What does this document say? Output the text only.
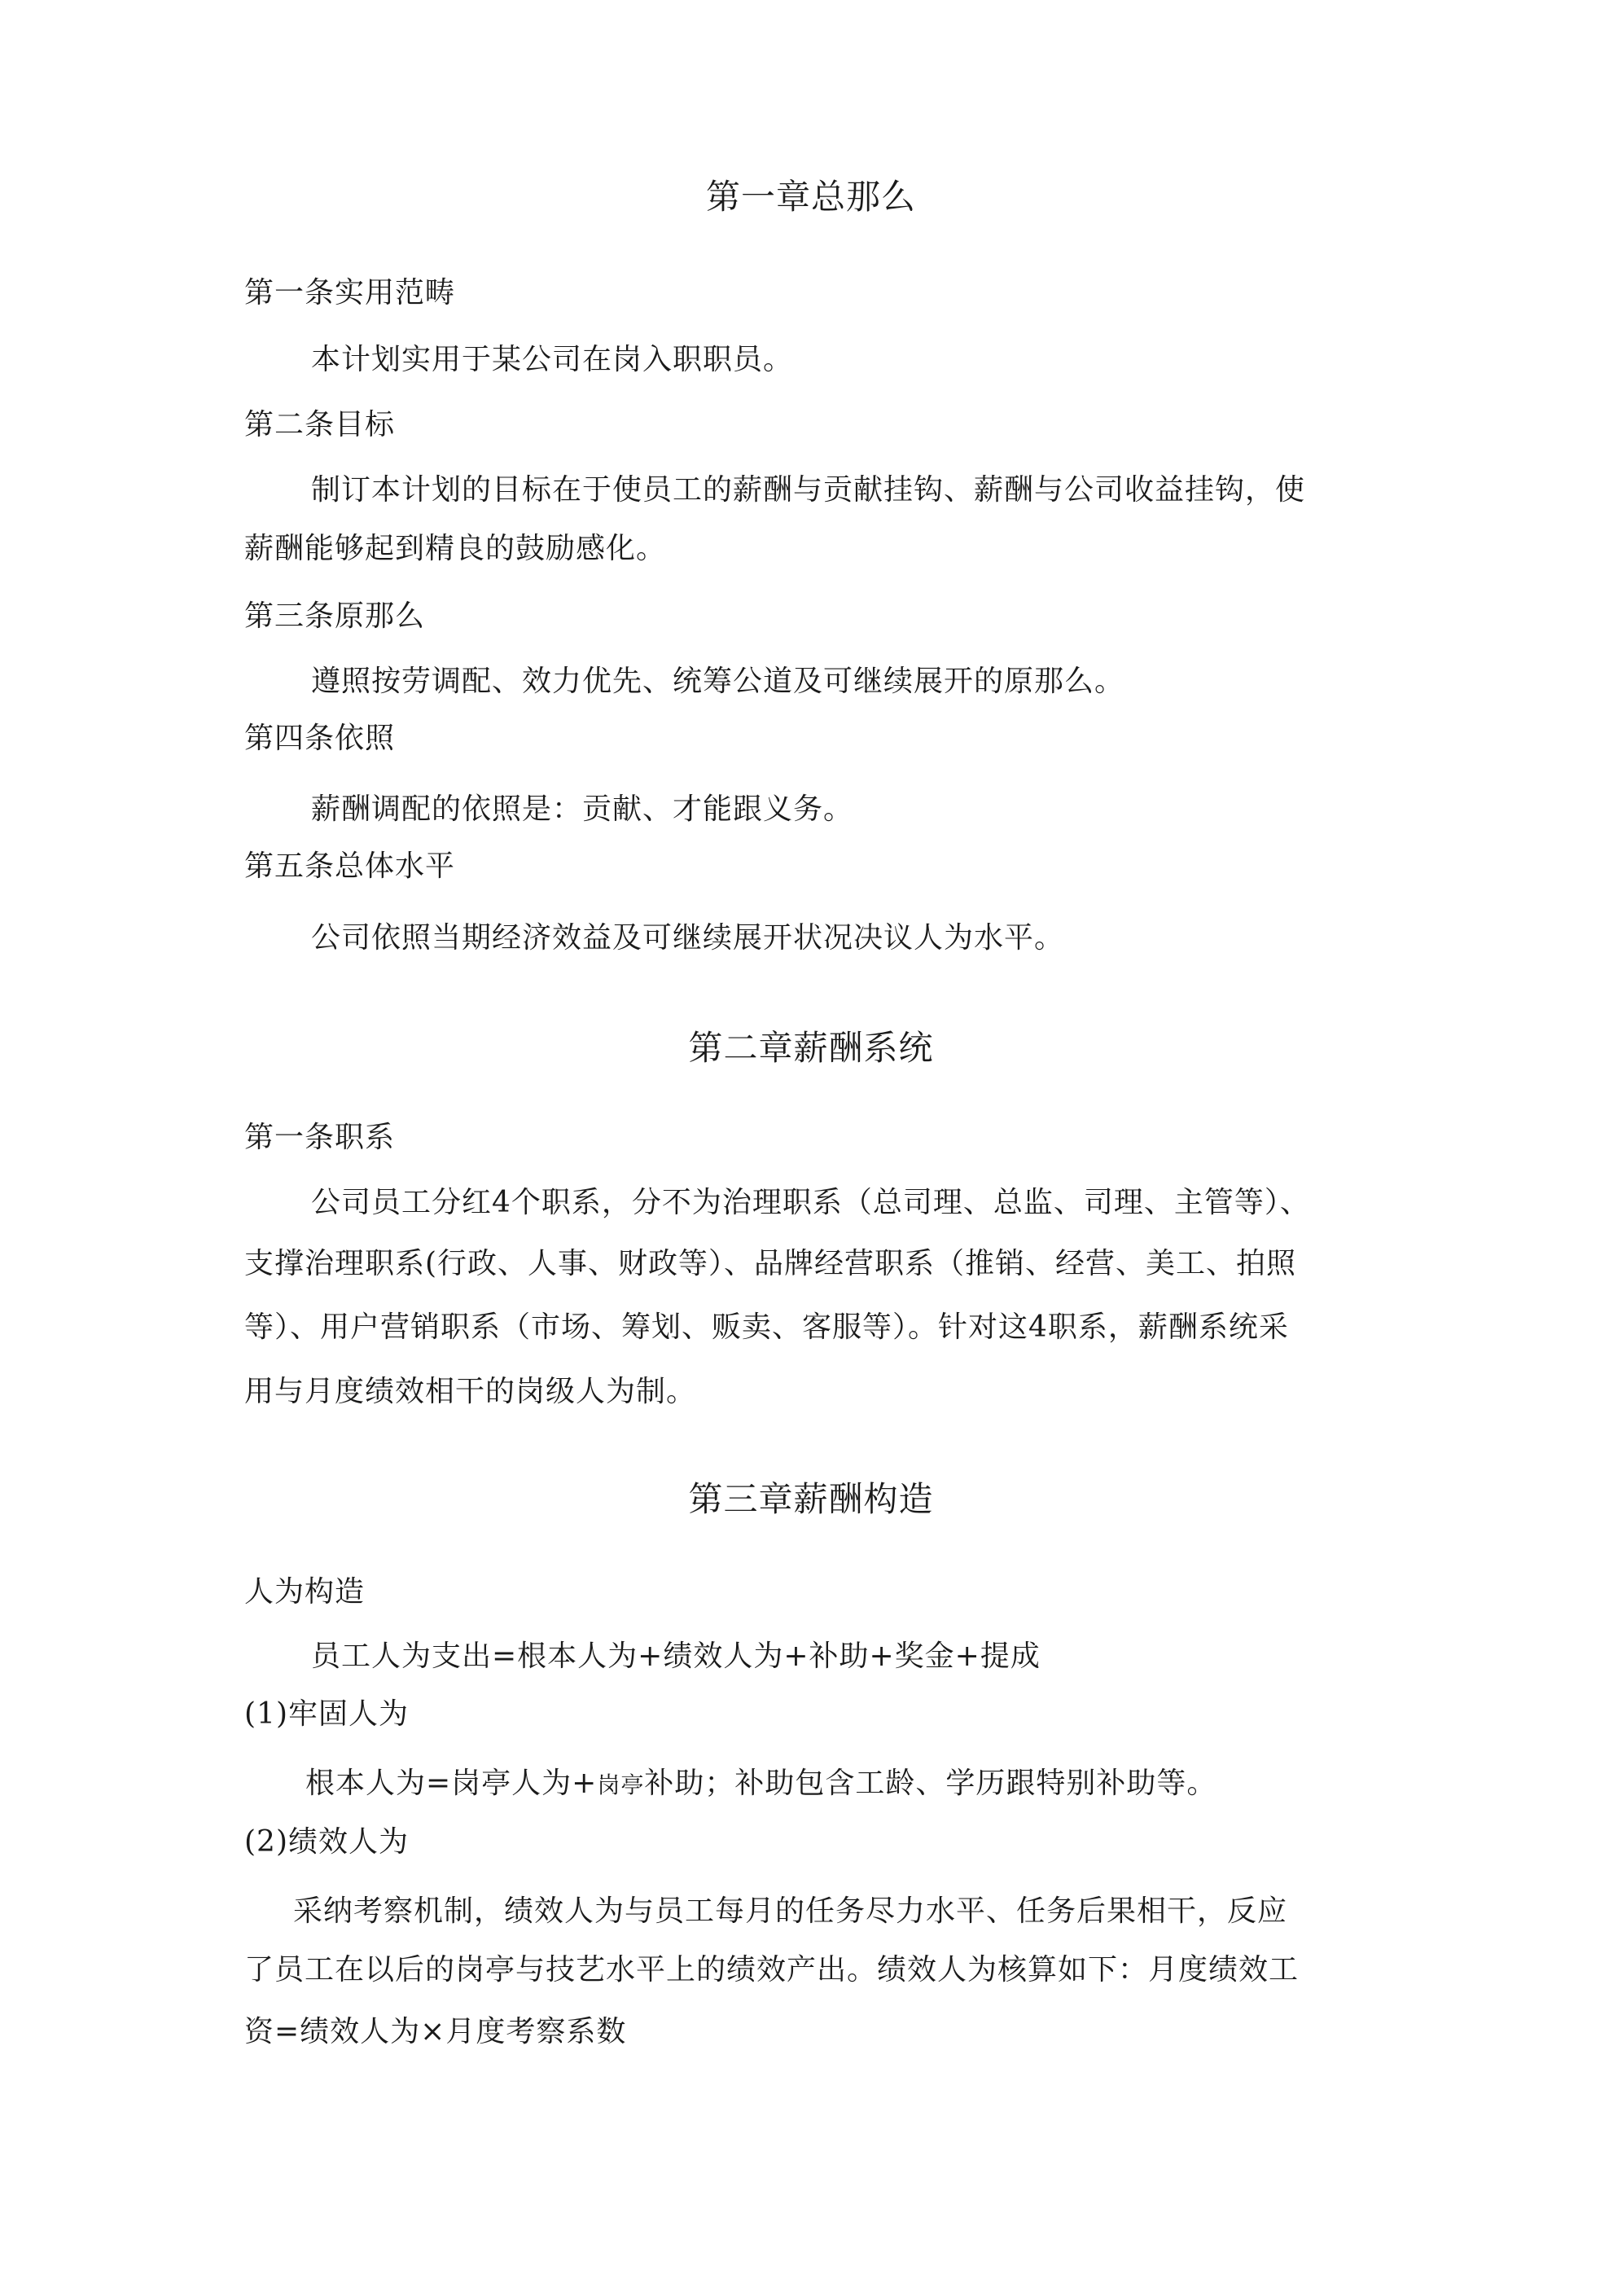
第一章总那么
第一条实用范畴
本计划实用于某公司在岗入职职员。
第二条目标
制订本计划的目标在于使员工的薪酬与贡献挂钩、薪酬与公司收益挂钩，使
薪酬能够起到精良的鼓励感化。
第三条原那么
遵照按劳调配、效力优先、统筹公道及可继续展开的原那么。
第四条依照
薪酬调配的依照是：贡献、才能跟义务。
第五条总体水平
公司依照当期经济效益及可继续展开状况决议人为水平。
第二章薪酬系统
第一条职系
公司员工分红4个职系，分不为治理职系（总司理、总监、司理、主管等）、
支撑治理职系(行政、人事、财政等）、品牌经营职系（推销、经营、美工、拍照
等）、用户营销职系（市场、筹划、贩卖、客服等）。针对这4职系，薪酬系统采
用与月度绩效相干的岗级人为制。
第三章薪酬构造
人为构造
员工人为支出=根本人为+绩效人为+补助+奖金+提成
(1)牢固人为
根本人为=岗亭人为+岗亭补助；补助包含工龄、学历跟特别补助等。
(2)绩效人为
采纳考察机制，绩效人为与员工每月的任务尽力水平、任务后果相干，反应
了员工在以后的岗亭与技艺水平上的绩效产出。绩效人为核算如下：月度绩效工
资=绩效人为×月度考察系数
